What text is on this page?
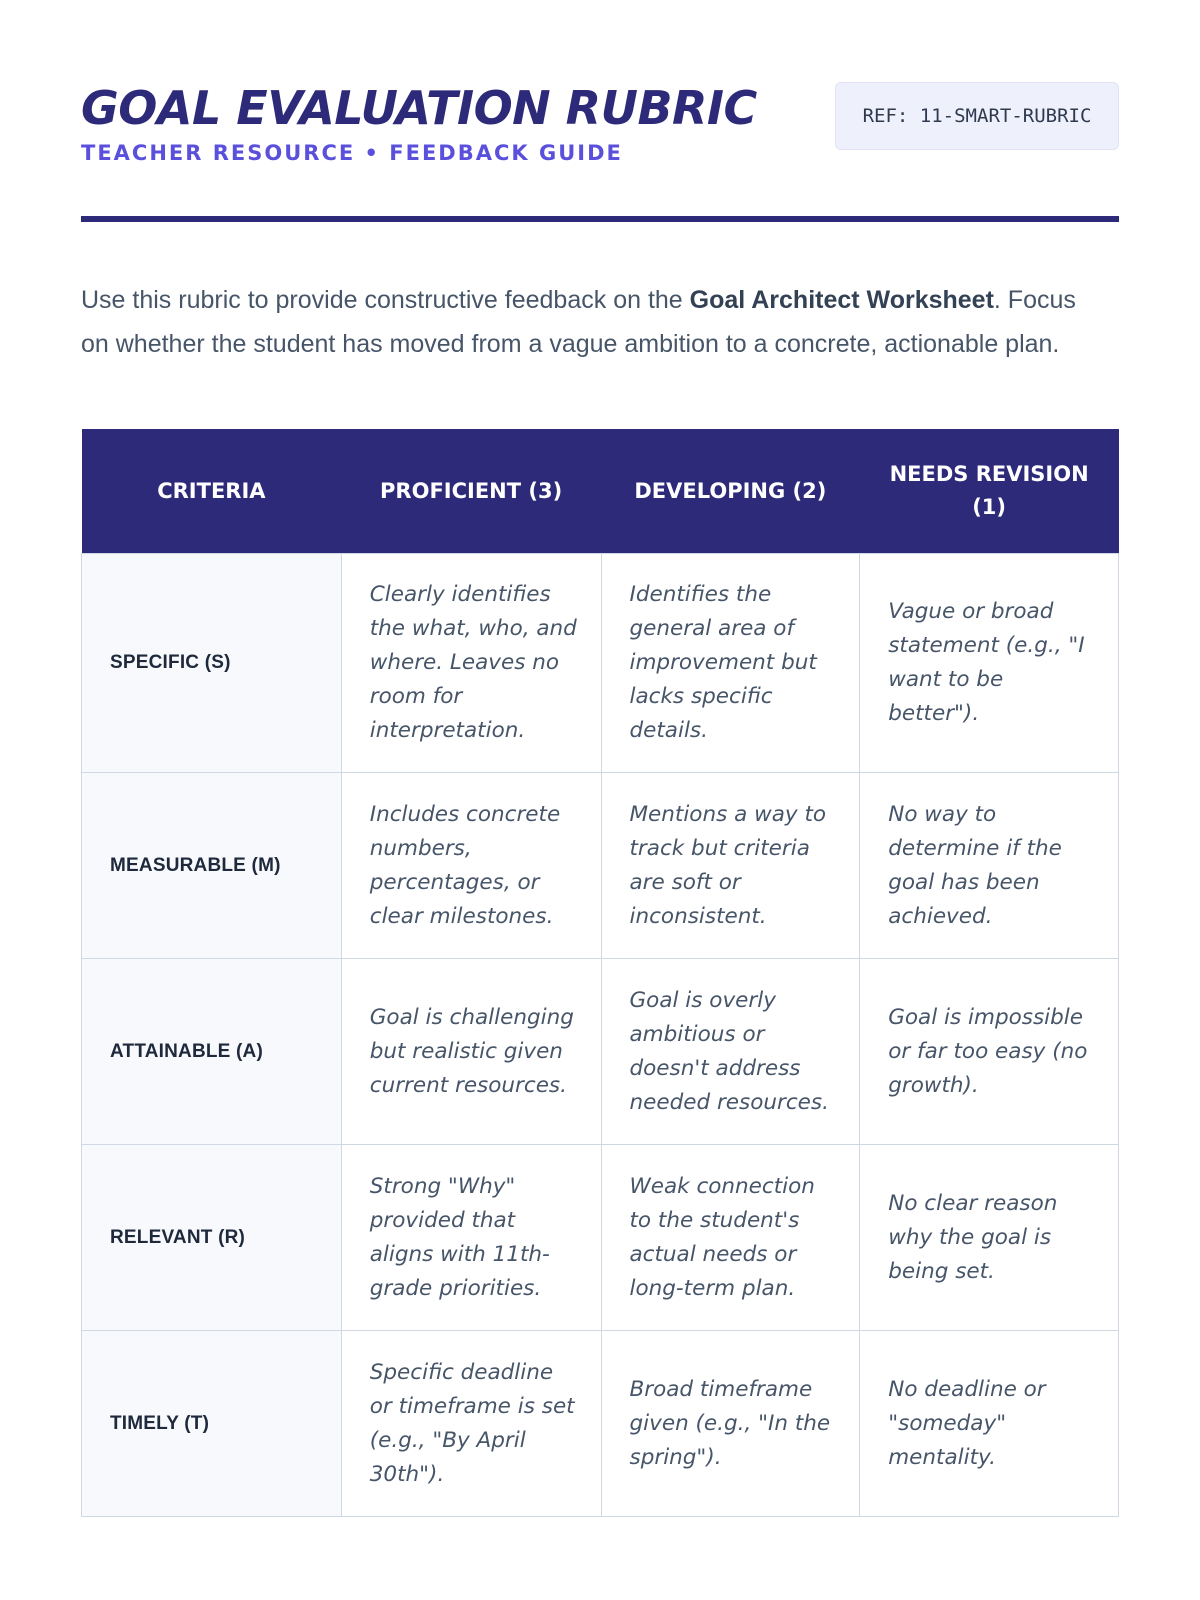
GOAL EVALUATION RUBRIC
TEACHER RESOURCE • FEEDBACK GUIDE
REF: 11-SMART-RUBRIC

Use this rubric to provide constructive feedback on the Goal Architect Worksheet. Focus on whether the student has moved from a vague ambition to a concrete, actionable plan.

CRITERIA	PROFICIENT (3)	DEVELOPING (2)	NEEDS REVISION (1)
SPECIFIC (S)	Clearly identifies the what, who, and where. Leaves no room for interpretation.	Identifies the general area of improvement but lacks specific details.	Vague or broad statement (e.g., "I want to be better").
MEASURABLE (M)	Includes concrete numbers, percentages, or clear milestones.	Mentions a way to track but criteria are soft or inconsistent.	No way to determine if the goal has been achieved.
ATTAINABLE (A)	Goal is challenging but realistic given current resources.	Goal is overly ambitious or doesn't address needed resources.	Goal is impossible or far too easy (no growth).
RELEVANT (R)	Strong "Why" provided that aligns with 11th-grade priorities.	Weak connection to the student's actual needs or long-term plan.	No clear reason why the goal is being set.
TIMELY (T)	Specific deadline or timeframe is set (e.g., "By April 30th").	Broad timeframe given (e.g., "In the spring").	No deadline or "someday" mentality.
